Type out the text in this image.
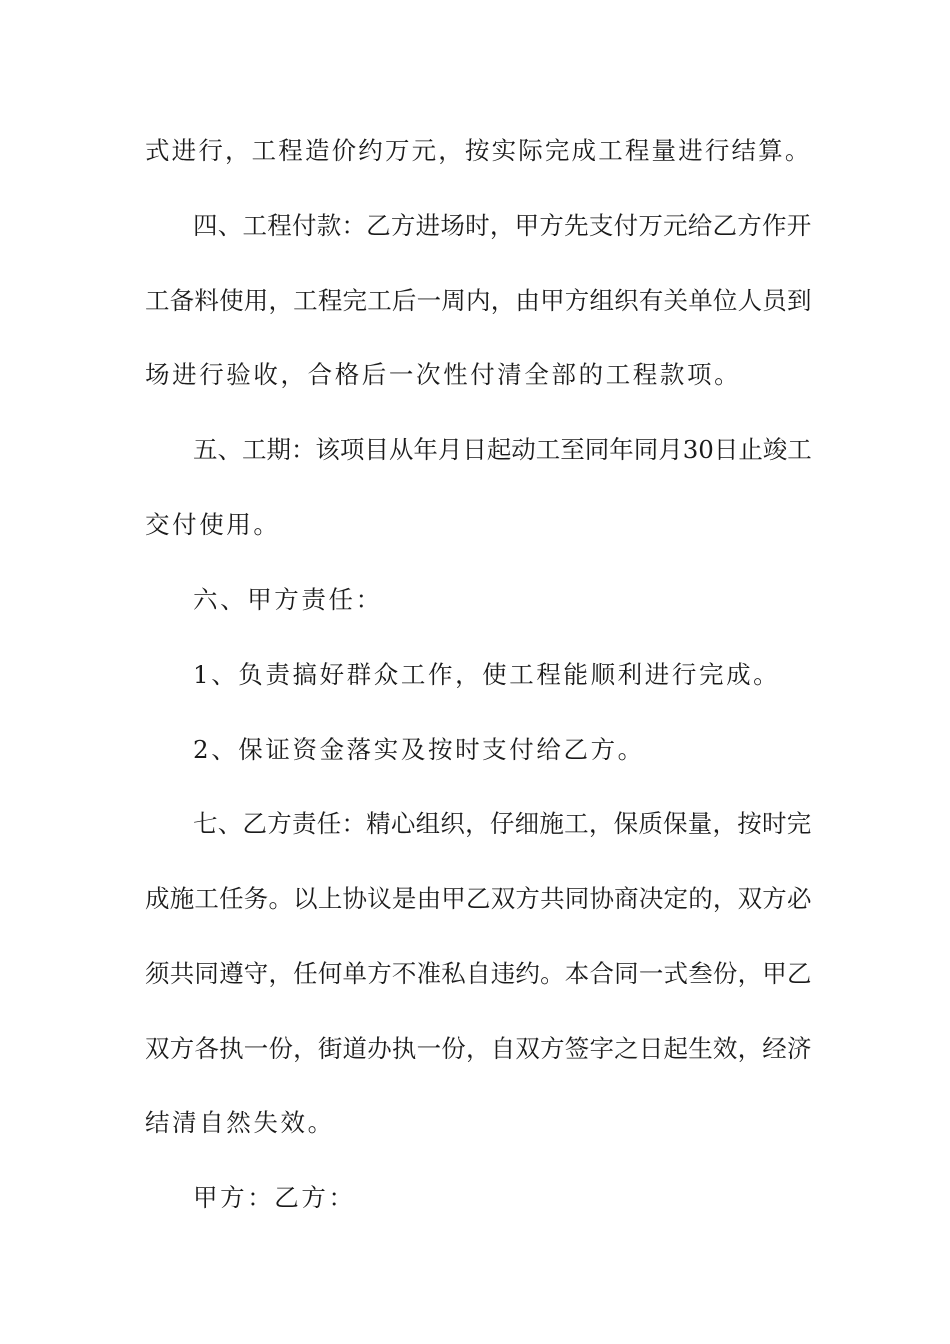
式进行，工程造价约万元，按实际完成工程量进行结算。
四、工程付款：乙方进场时，甲方先支付万元给乙方作开
工备料使用，工程完工后一周内，由甲方组织有关单位人员到
场进行验收，合格后一次性付清全部的工程款项。
五、工期：该项目从年月日起动工至同年同月30日止竣工
交付使用。
六、甲方责任：
1、负责搞好群众工作，使工程能顺利进行完成。
2、保证资金落实及按时支付给乙方。
七、乙方责任：精心组织，仔细施工，保质保量，按时完
成施工任务。以上协议是由甲乙双方共同协商决定的，双方必
须共同遵守，任何单方不准私自违约。本合同一式叁份，甲乙
双方各执一份，街道办执一份，自双方签字之日起生效，经济
结清自然失效。
甲方：乙方：
